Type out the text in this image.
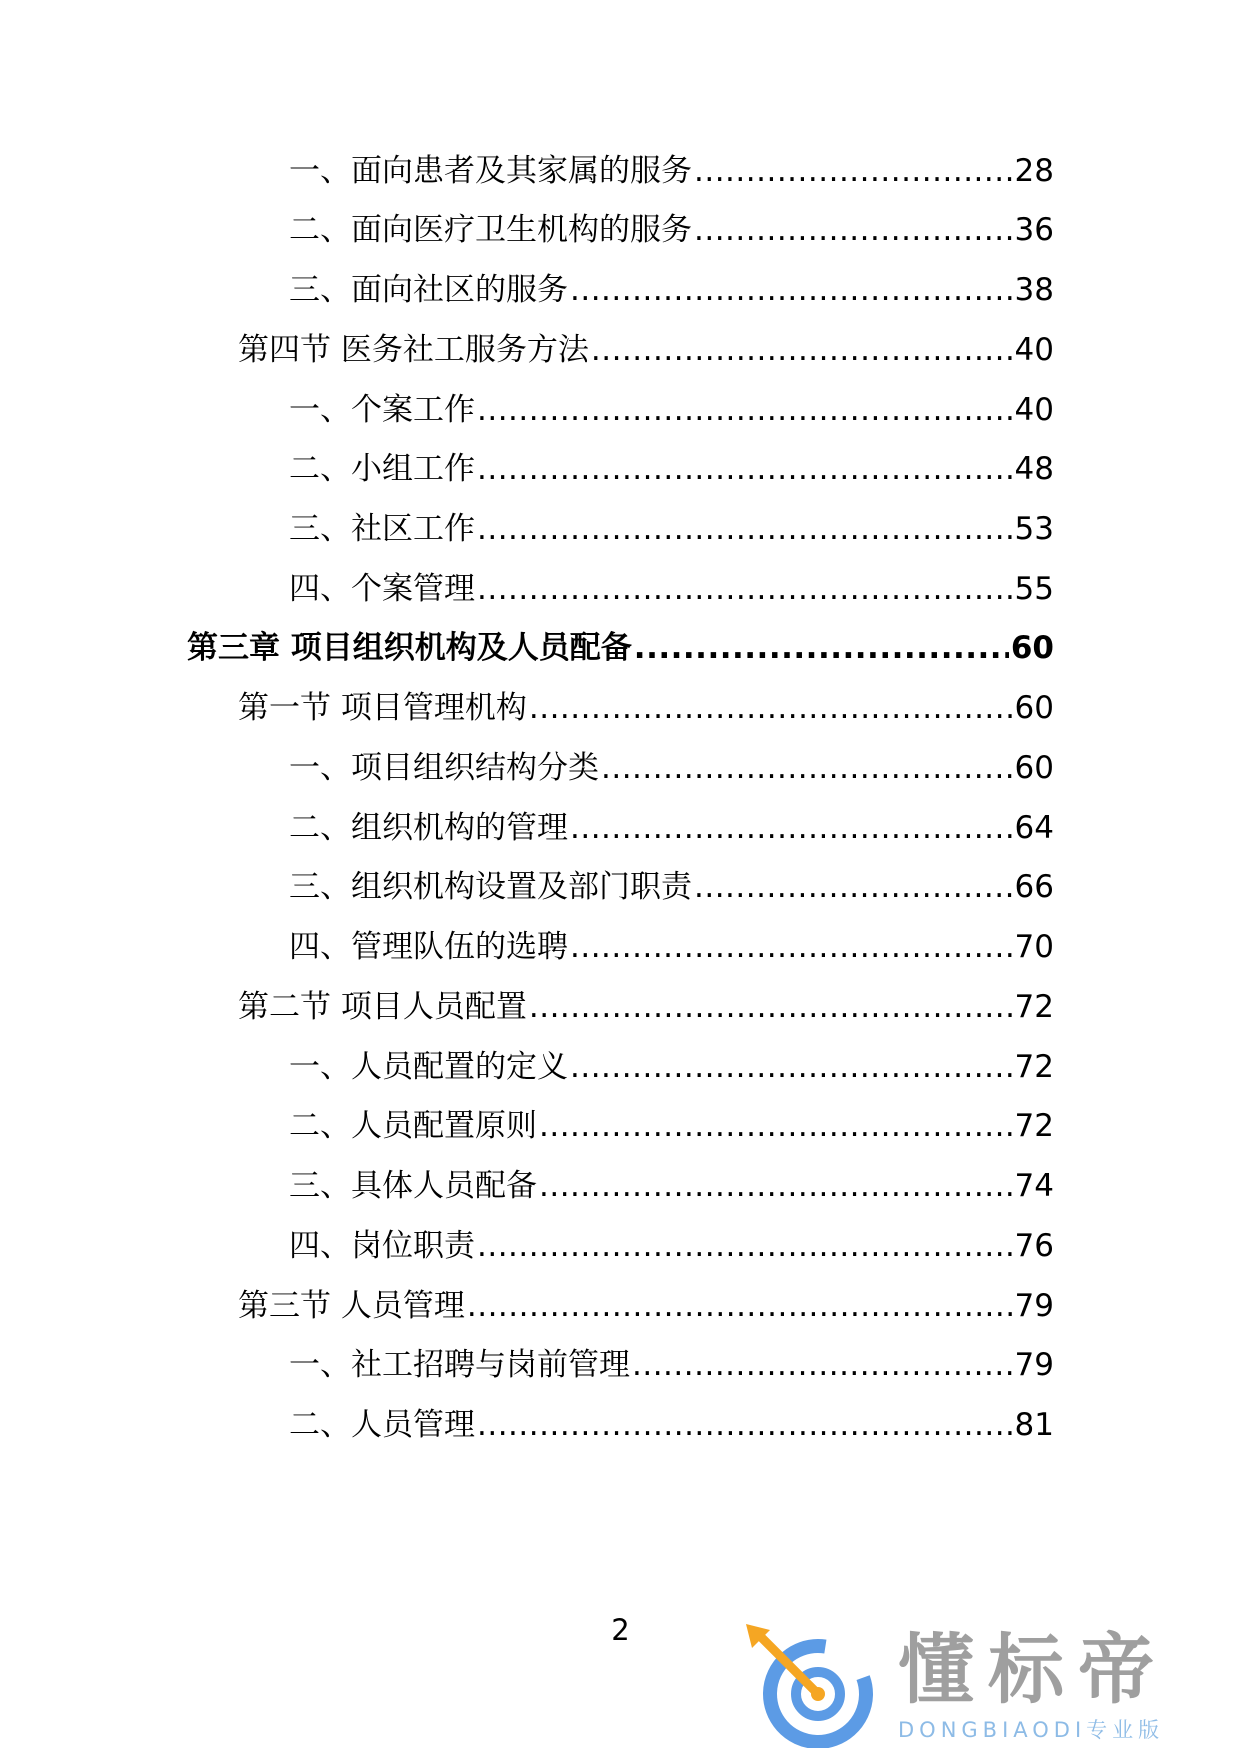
一、面向患者及其家属的服务 .....	28
二、面向医疗卫生机构的服务 .....	36
三、面向社区的服务 .....	38
第四节 医务社工服务方法 .....	40
一、个案工作 .....	40
二、小组工作 .....	48
三、社区工作 .....	53
四、个案管理 .....	55
第三章 项目组织机构及人员配备 .....	60
第一节 项目管理机构 .....	60
一、项目组织结构分类 .....	60
二、组织机构的管理 .....	64
三、组织机构设置及部门职责 .....	66
四、管理队伍的选聘 .....	70
第二节 项目人员配置 .....	72
一、人员配置的定义 .....	72
二、人员配置原则 .....	72
三、具体人员配备 .....	74
四、岗位职责 .....	76
第三节 人员管理 .....	79
一、社工招聘与岗前管理 .....	79
二、人员管理 .....	81
2	懂标帝
DONGBIAODI专业版
